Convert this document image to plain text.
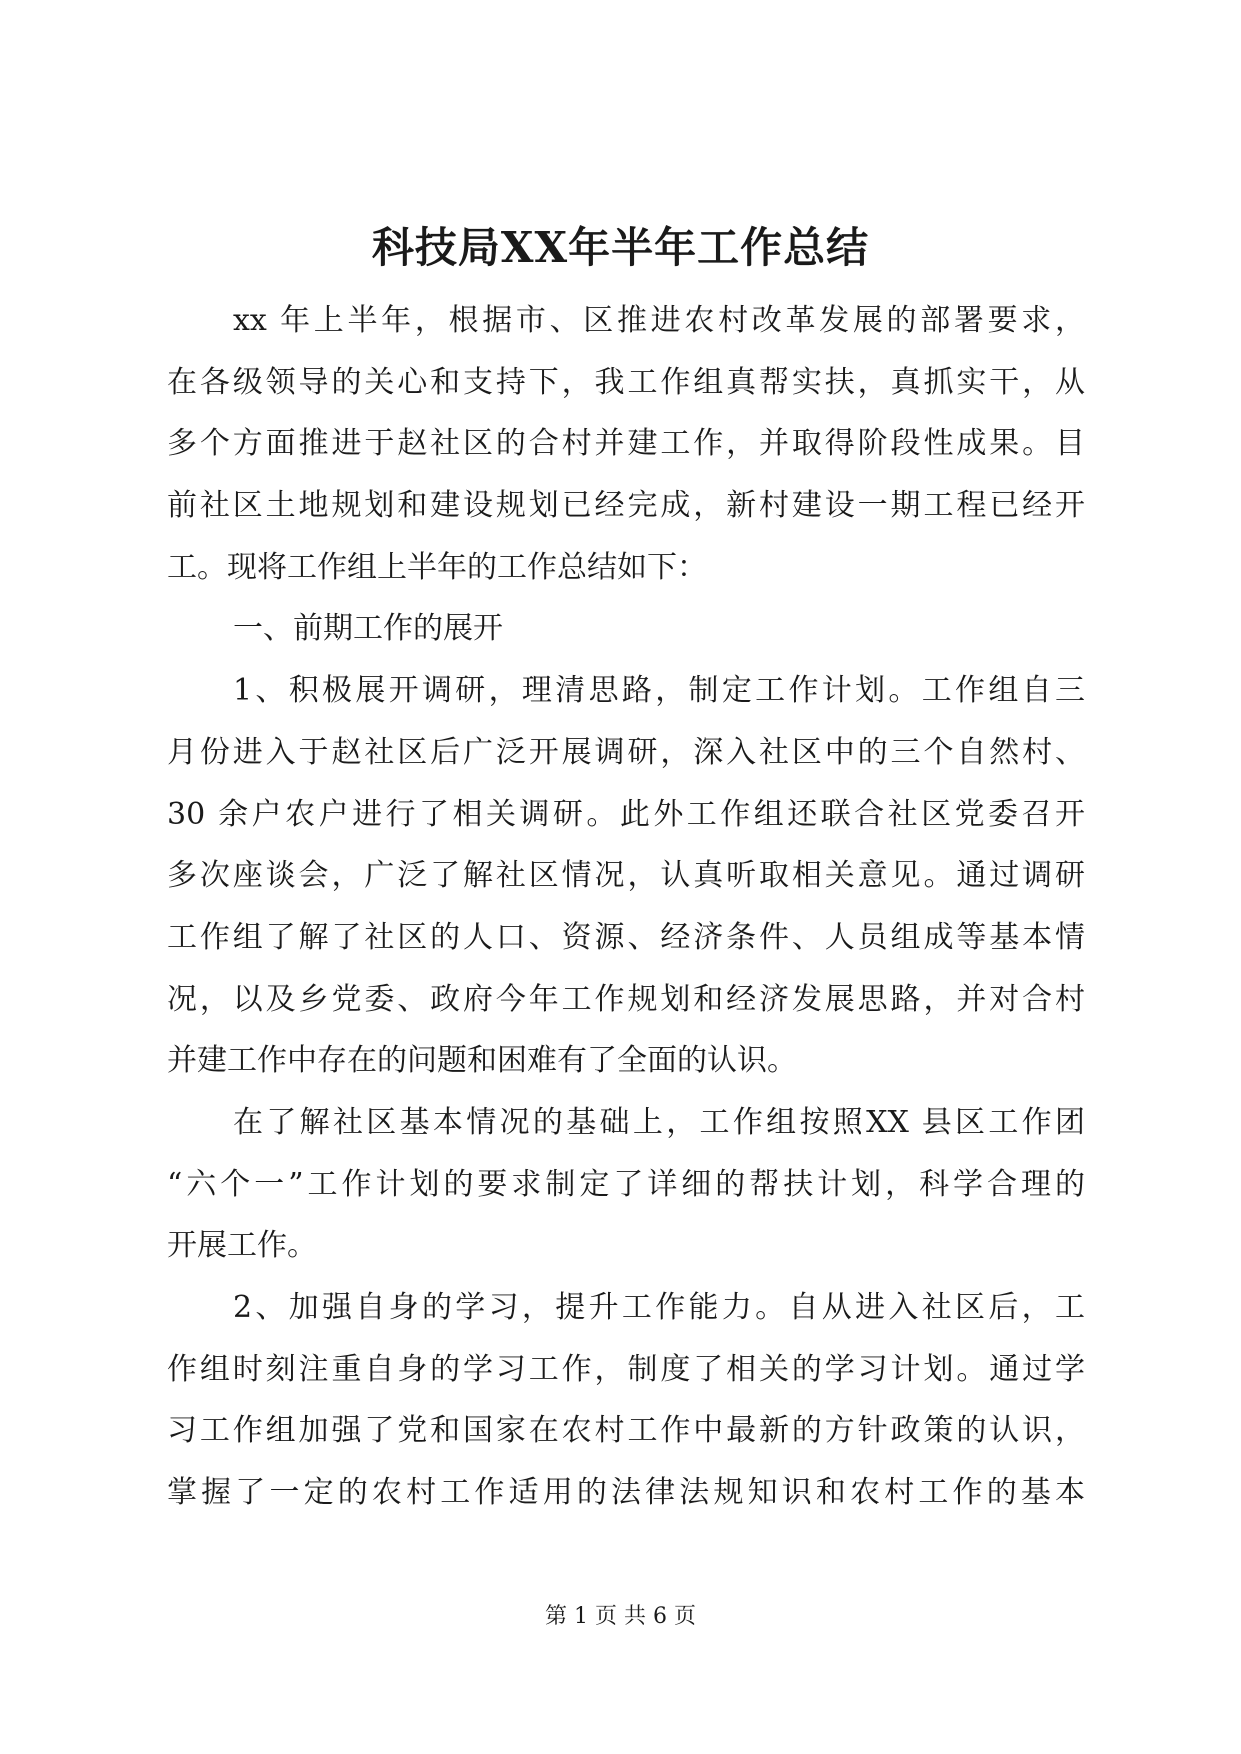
科技局XX年半年工作总结
xx 年上半年，根据市、区推进农村改革发展的部署要求，
在各级领导的关心和支持下，我工作组真帮实扶，真抓实干，从
多个方面推进于赵社区的合村并建工作，并取得阶段性成果。目
前社区土地规划和建设规划已经完成，新村建设一期工程已经开
工。现将工作组上半年的工作总结如下：
一、前期工作的展开
1、积极展开调研，理清思路，制定工作计划。工作组自三
月份进入于赵社区后广泛开展调研，深入社区中的三个自然村、
30 余户农户进行了相关调研。此外工作组还联合社区党委召开
多次座谈会，广泛了解社区情况，认真听取相关意见。通过调研
工作组了解了社区的人口、资源、经济条件、人员组成等基本情
况，以及乡党委、政府今年工作规划和经济发展思路，并对合村
并建工作中存在的问题和困难有了全面的认识。
在了解社区基本情况的基础上，工作组按照XX 县区工作团
“六个一”工作计划的要求制定了详细的帮扶计划，科学合理的
开展工作。
2、加强自身的学习，提升工作能力。自从进入社区后，工
作组时刻注重自身的学习工作，制度了相关的学习计划。通过学
习工作组加强了党和国家在农村工作中最新的方针政策的认识，
掌握了一定的农村工作适用的法律法规知识和农村工作的基本
第 1 页 共 6 页
